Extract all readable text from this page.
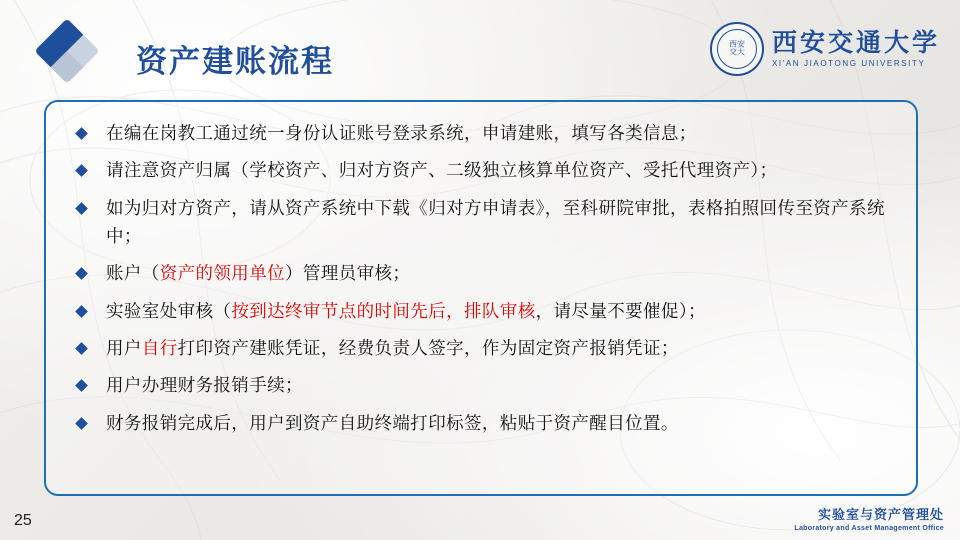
资产建账流程	西安
交大 西安交通大学
XI'AN JIAOTONG UNIVERSITY
在编在岗教工通过统一身份认证账号登录系统，申请建账，填写各类信息；
请注意资产归属（学校资产、归对方资产、二级独立核算单位资产、受托代理资产）；
如为归对方资产，请从资产系统中下载《归对方申请表》，至科研院审批，表格拍照回传至资产系统中；
账户（资产的领用单位）管理员审核；
实验室处审核（按到达终审节点的时间先后，排队审核，请尽量不要催促）；
用户自行打印资产建账凭证，经费负责人签字，作为固定资产报销凭证；
用户办理财务报销手续；
财务报销完成后，用户到资产自助终端打印标签，粘贴于资产醒目位置。
25	实验室与资产管理处
Laboratory and Asset Management Office
